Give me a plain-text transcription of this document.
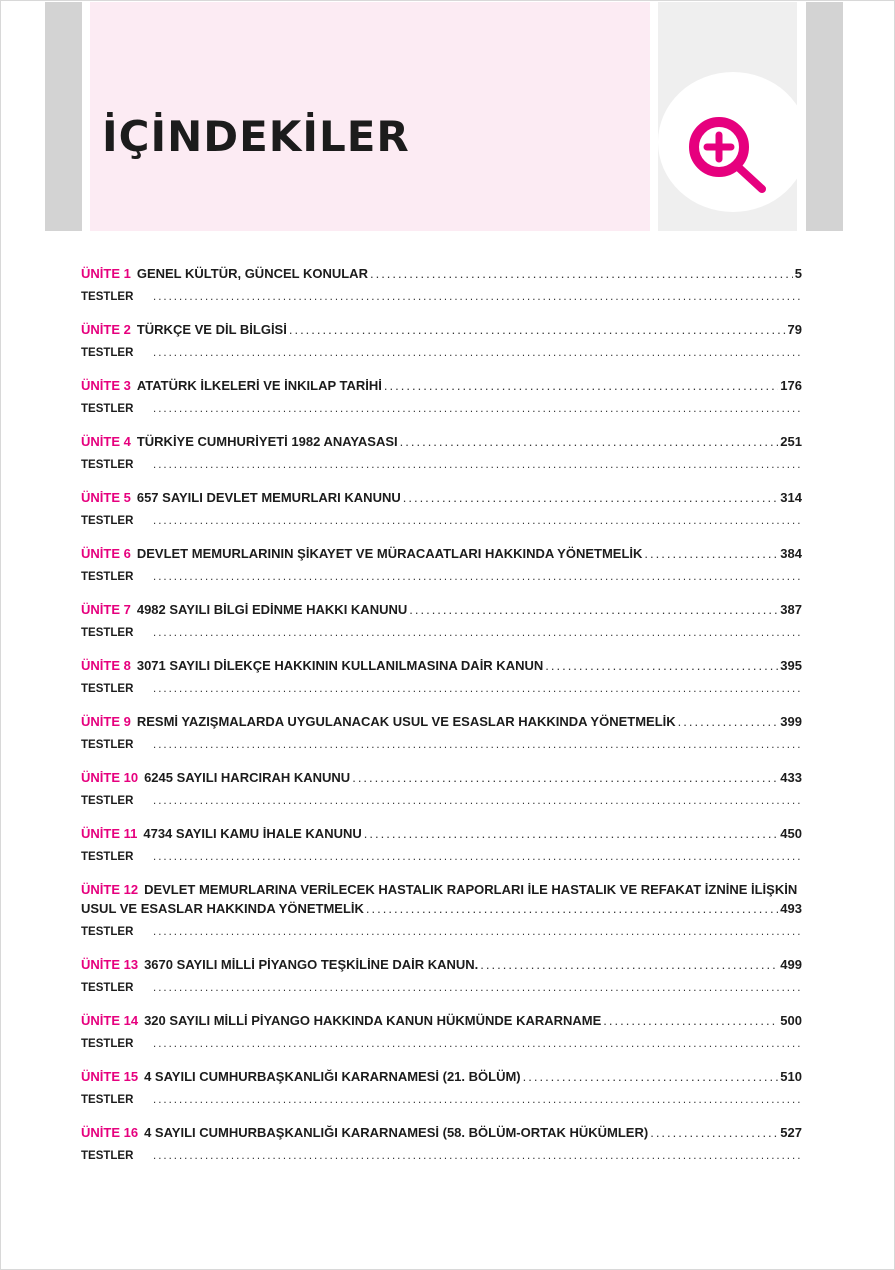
İÇİNDEKİLER
ÜNİTE 1 GENEL KÜLTÜR, GÜNCEL KONULAR .....	5
TESTLER
.....
ÜNİTE 2 TÜRKÇE VE DİL BİLGİSİ .....	79
TESTLER
.....
ÜNİTE 3 ATATÜRK İLKELERİ VE İNKILAP TARİHİ .....	176
TESTLER
.....
ÜNİTE 4 TÜRKİYE CUMHURİYETİ 1982 ANAYASASI .....	251
TESTLER
.....
ÜNİTE 5 657 SAYILI DEVLET MEMURLARI KANUNU .....	314
TESTLER
.....
ÜNİTE 6 DEVLET MEMURLARININ ŞİKAYET VE MÜRACAATLARI HAKKINDA YÖNETMELİK .....	384
TESTLER
.....
ÜNİTE 7 4982 SAYILI BİLGİ EDİNME HAKKI KANUNU .....	387
TESTLER
.....
ÜNİTE 8 3071 SAYILI DİLEKÇE HAKKININ KULLANILMASINA DAİR KANUN .....	395
TESTLER
.....
ÜNİTE 9 RESMİ YAZIŞMALARDA UYGULANACAK USUL VE ESASLAR HAKKINDA YÖNETMELİK .....	399
TESTLER
.....
ÜNİTE 10 6245 SAYILI HARCIRAH KANUNU .....	433
TESTLER
.....
ÜNİTE 11 4734 SAYILI KAMU İHALE KANUNU .....	450
TESTLER
.....
ÜNİTE 12 DEVLET MEMURLARINA VERİLECEK HASTALIK RAPORLARI İLE HASTALIK VE REFAKAT İZNİNE İLİŞKİN
USUL VE ESASLAR HAKKINDA YÖNETMELİK .....	493
TESTLER
.....
ÜNİTE 13 3670 SAYILI MİLLİ PİYANGO TEŞKİLİNE DAİR KANUN. .....	499
TESTLER
.....
ÜNİTE 14 320 SAYILI MİLLİ PİYANGO HAKKINDA KANUN HÜKMÜNDE KARARNAME .....	500
TESTLER
.....
ÜNİTE 15 4 SAYILI CUMHURBAŞKANLIĞI KARARNAMESİ (21. BÖLÜM) .....	510
TESTLER
.....
ÜNİTE 16 4 SAYILI CUMHURBAŞKANLIĞI KARARNAMESİ (58. BÖLÜM-ORTAK HÜKÜMLER) .....	527
TESTLER
.....
